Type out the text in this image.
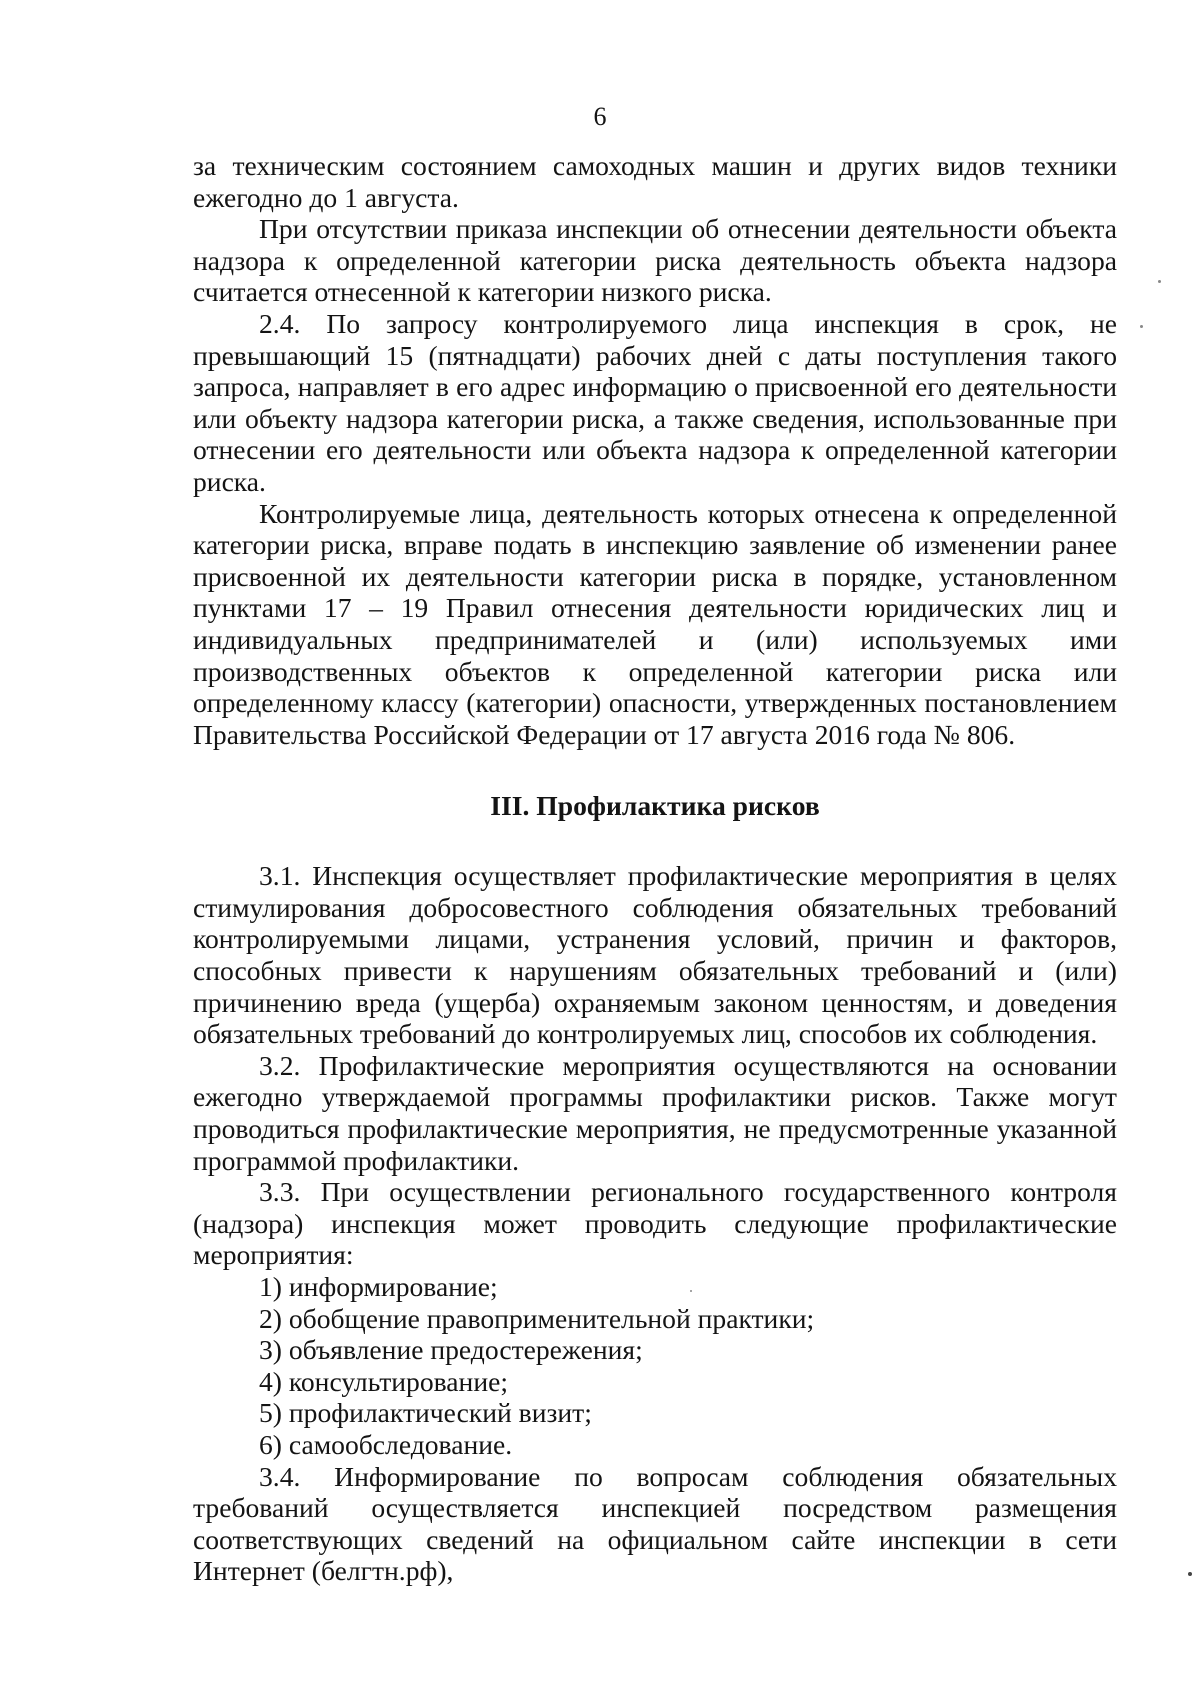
6

за техническим состоянием самоходных машин и других видов техники ежегодно до 1 августа.

При отсутствии приказа инспекции об отнесении деятельности объекта надзора к определенной категории риска деятельность объекта надзора считается отнесенной к категории низкого риска.

2.4. По запросу контролируемого лица инспекция в срок, не превышающий 15 (пятнадцати) рабочих дней с даты поступления такого запроса, направляет в его адрес информацию о присвоенной его деятельности или объекту надзора категории риска, а также сведения, использованные при отнесении его деятельности или объекта надзора к определенной категории риска.

Контролируемые лица, деятельность которых отнесена к определенной категории риска, вправе подать в инспекцию заявление об изменении ранее присвоенной их деятельности категории риска в порядке, установленном пунктами 17 – 19 Правил отнесения деятельности юридических лиц и индивидуальных предпринимателей и (или) используемых ими производственных объектов к определенной категории риска или определенному классу (категории) опасности, утвержденных постановлением Правительства Российской Федерации от 17 августа 2016 года № 806.

III. Профилактика рисков

3.1. Инспекция осуществляет профилактические мероприятия в целях стимулирования добросовестного соблюдения обязательных требований контролируемыми лицами, устранения условий, причин и факторов, способных привести к нарушениям обязательных требований и (или) причинению вреда (ущерба) охраняемым законом ценностям, и доведения обязательных требований до контролируемых лиц, способов их соблюдения.

3.2. Профилактические мероприятия осуществляются на основании ежегодно утверждаемой программы профилактики рисков. Также могут проводиться профилактические мероприятия, не предусмотренные указанной программой профилактики.

3.3. При осуществлении регионального государственного контроля (надзора) инспекция может проводить следующие профилактические мероприятия:

1) информирование;

2) обобщение правоприменительной практики;

3) объявление предостережения;

4) консультирование;

5) профилактический визит;

6) самообследование.

3.4. Информирование по вопросам соблюдения обязательных требований осуществляется инспекцией посредством размещения соответствующих сведений на официальном сайте инспекции в сети Интернет (белгтн.рф),
